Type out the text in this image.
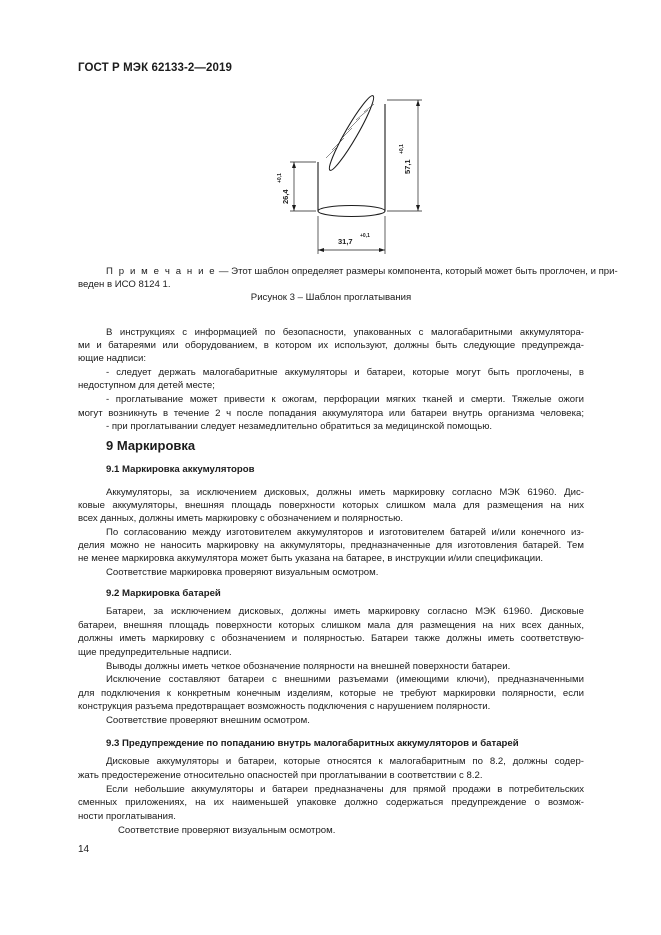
ГОСТ Р МЭК 62133-2—2019
26,4
+0,1
57,1
+0,1
31,7
+0,1
П р и м е ч а н и е — Этот шаблон определяет размеры компонента, который может быть проглочен, и при-
веден в ИСО 8124 1.
Рисунок 3 – Шаблон проглатывания
В инструкциях с информацией по безопасности, упакованных с малогабаритными аккумулятора-
ми и батареями или оборудованием, в котором их используют, должны быть следующие предупрежда-
ющие надписи:
- следует держать малогабаритные аккумуляторы и батареи, которые могут быть проглочены, в
недоступном для детей месте;
- проглатывание может привести к ожогам, перфорации мягких тканей и смерти. Тяжелые ожоги
могут возникнуть в течение 2 ч после попадания аккумулятора или батареи внутрь организма человека;
- при проглатывании следует незамедлительно обратиться за медицинской помощью.
9 Маркировка
9.1 Маркировка аккумуляторов
Аккумуляторы, за исключением дисковых, должны иметь маркировку согласно МЭК 61960. Дис-
ковые аккумуляторы, внешняя площадь поверхности которых слишком мала для размещения на них
всех данных, должны иметь маркировку с обозначением и полярностью.
По согласованию между изготовителем аккумуляторов и изготовителем батарей и/или конечного из-
делия можно не наносить маркировку на аккумуляторы, предназначенные для изготовления батарей. Тем
не менее маркировка аккумулятора может быть указана на батарее, в инструкции и/или спецификации.
Соответствие маркировка проверяют визуальным осмотром.
9.2 Маркировка батарей
Батареи, за исключением дисковых, должны иметь маркировку согласно МЭК 61960. Дисковые
батареи, внешняя площадь поверхности которых слишком мала для размещения на них всех данных,
должны иметь маркировку с обозначением и полярностью. Батареи также должны иметь соответствую-
щие предупредительные надписи.
Выводы должны иметь четкое обозначение полярности на внешней поверхности батареи.
Исключение составляют батареи с внешними разъемами (имеющими ключи), предназначенными
для подключения к конкретным конечным изделиям, которые не требуют маркировки полярности, если
конструкция разъема предотвращает возможность подключения с нарушением полярности.
Соответствие проверяют внешним осмотром.
9.3 Предупреждение по попаданию внутрь малогабаритных аккумуляторов и батарей
Дисковые аккумуляторы и батареи, которые относятся к малогабаритным по 8.2, должны содер-
жать предостережение относительно опасностей при проглатывании в соответствии с 8.2.
Если небольшие аккумуляторы и батареи предназначены для прямой продажи в потребительских
сменных приложениях, на их наименьшей упаковке должно содержаться предупреждение о возмож-
ности проглатывания.
Соответствие проверяют визуальным осмотром.
14
